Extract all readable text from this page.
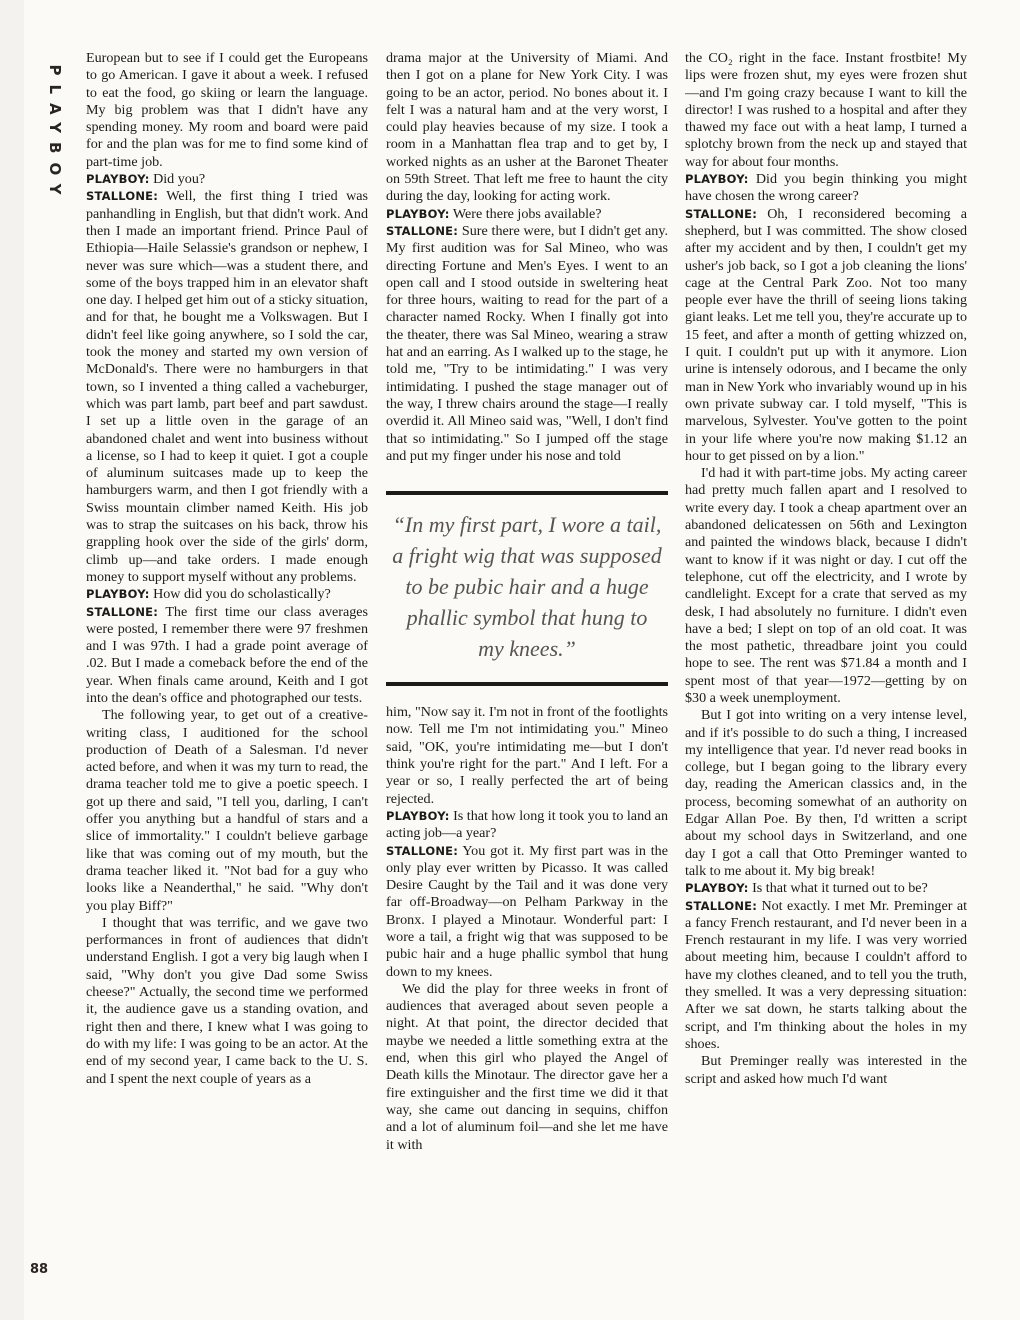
PLAYBOY
88

European but to see if I could get the Europeans to go American. I gave it about a week. I refused to eat the food, go skiing or learn the language. My big problem was that I didn't have any spending money. My room and board were paid for and the plan was for me to find some kind of part-time job.

PLAYBOY: Did you?

STALLONE: Well, the first thing I tried was panhandling in English, but that didn't work. And then I made an important friend. Prince Paul of Ethiopia—Haile Selassie's grandson or nephew, I never was sure which—was a student there, and some of the boys trapped him in an elevator shaft one day. I helped get him out of a sticky situation, and for that, he bought me a Volkswagen. But I didn't feel like going anywhere, so I sold the car, took the money and started my own version of McDonald's. There were no hamburgers in that town, so I invented a thing called a vacheburger, which was part lamb, part beef and part sawdust. I set up a little oven in the garage of an abandoned chalet and went into business without a license, so I had to keep it quiet. I got a couple of aluminum suitcases made up to keep the hamburgers warm, and then I got friendly with a Swiss mountain climber named Keith. His job was to strap the suitcases on his back, throw his grappling hook over the side of the girls' dorm, climb up—and take orders. I made enough money to support myself without any problems.

PLAYBOY: How did you do scholastically?

STALLONE: The first time our class averages were posted, I remember there were 97 freshmen and I was 97th. I had a grade point average of .02. But I made a comeback before the end of the year. When finals came around, Keith and I got into the dean's office and photographed our tests.

The following year, to get out of a creative-writing class, I auditioned for the school production of Death of a Salesman. I'd never acted before, and when it was my turn to read, the drama teacher told me to give a poetic speech. I got up there and said, "I tell you, darling, I can't offer you anything but a handful of stars and a slice of immortality." I couldn't believe garbage like that was coming out of my mouth, but the drama teacher liked it. "Not bad for a guy who looks like a Neanderthal," he said. "Why don't you play Biff?"

I thought that was terrific, and we gave two performances in front of audiences that didn't understand English. I got a very big laugh when I said, "Why don't you give Dad some Swiss cheese?" Actually, the second time we performed it, the audience gave us a standing ovation, and right then and there, I knew what I was going to do with my life: I was going to be an actor. At the end of my second year, I came back to the U. S. and I spent the next couple of years as a

drama major at the University of Miami. And then I got on a plane for New York City. I was going to be an actor, period. No bones about it. I felt I was a natural ham and at the very worst, I could play heavies because of my size. I took a room in a Manhattan flea trap and to get by, I worked nights as an usher at the Baronet Theater on 59th Street. That left me free to haunt the city during the day, looking for acting work.

PLAYBOY: Were there jobs available?

STALLONE: Sure there were, but I didn't get any. My first audition was for Sal Mineo, who was directing Fortune and Men's Eyes. I went to an open call and I stood outside in sweltering heat for three hours, waiting to read for the part of a character named Rocky. When I finally got into the theater, there was Sal Mineo, wearing a straw hat and an earring. As I walked up to the stage, he told me, "Try to be intimidating." I was very intimidating. I pushed the stage manager out of the way, I threw chairs around the stage—I really overdid it. All Mineo said was, "Well, I don't find that so intimidating." So I jumped off the stage and put my finger under his nose and told

“In my first part, I wore a tail, a fright wig that was supposed to be pubic hair and a huge phallic symbol that hung to my knees.”

him, "Now say it. I'm not in front of the footlights now. Tell me I'm not intimidating you." Mineo said, "OK, you're intimidating me—but I don't think you're right for the part." And I left. For a year or so, I really perfected the art of being rejected.

PLAYBOY: Is that how long it took you to land an acting job—a year?

STALLONE: You got it. My first part was in the only play ever written by Picasso. It was called Desire Caught by the Tail and it was done very far off-Broadway—on Pelham Parkway in the Bronx. I played a Minotaur. Wonderful part: I wore a tail, a fright wig that was supposed to be pubic hair and a huge phallic symbol that hung down to my knees.

We did the play for three weeks in front of audiences that averaged about seven people a night. At that point, the director decided that maybe we needed a little something extra at the end, when this girl who played the Angel of Death kills the Minotaur. The director gave her a fire extinguisher and the first time we did it that way, she came out dancing in sequins, chiffon and a lot of aluminum foil—and she let me have it with

the CO₂ right in the face. Instant frostbite! My lips were frozen shut, my eyes were frozen shut—and I'm going crazy because I want to kill the director! I was rushed to a hospital and after they thawed my face out with a heat lamp, I turned a splotchy brown from the neck up and stayed that way for about four months.

PLAYBOY: Did you begin thinking you might have chosen the wrong career?

STALLONE: Oh, I reconsidered becoming a shepherd, but I was committed. The show closed after my accident and by then, I couldn't get my usher's job back, so I got a job cleaning the lions' cage at the Central Park Zoo. Not too many people ever have the thrill of seeing lions taking giant leaks. Let me tell you, they're accurate up to 15 feet, and after a month of getting whizzed on, I quit. I couldn't put up with it anymore. Lion urine is intensely odorous, and I became the only man in New York who invariably wound up in his own private subway car. I told myself, "This is marvelous, Sylvester. You've gotten to the point in your life where you're now making $1.12 an hour to get pissed on by a lion."

I'd had it with part-time jobs. My acting career had pretty much fallen apart and I resolved to write every day. I took a cheap apartment over an abandoned delicatessen on 56th and Lexington and painted the windows black, because I didn't want to know if it was night or day. I cut off the telephone, cut off the electricity, and I wrote by candlelight. Except for a crate that served as my desk, I had absolutely no furniture. I didn't even have a bed; I slept on top of an old coat. It was the most pathetic, threadbare joint you could hope to see. The rent was $71.84 a month and I spent most of that year—1972—getting by on $30 a week unemployment.

But I got into writing on a very intense level, and if it's possible to do such a thing, I increased my intelligence that year. I'd never read books in college, but I began going to the library every day, reading the American classics and, in the process, becoming somewhat of an authority on Edgar Allan Poe. By then, I'd written a script about my school days in Switzerland, and one day I got a call that Otto Preminger wanted to talk to me about it. My big break!

PLAYBOY: Is that what it turned out to be?

STALLONE: Not exactly. I met Mr. Preminger at a fancy French restaurant, and I'd never been in a French restaurant in my life. I was very worried about meeting him, because I couldn't afford to have my clothes cleaned, and to tell you the truth, they smelled. It was a very depressing situation: After we sat down, he starts talking about the script, and I'm thinking about the holes in my shoes.

But Preminger really was interested in the script and asked how much I'd want
